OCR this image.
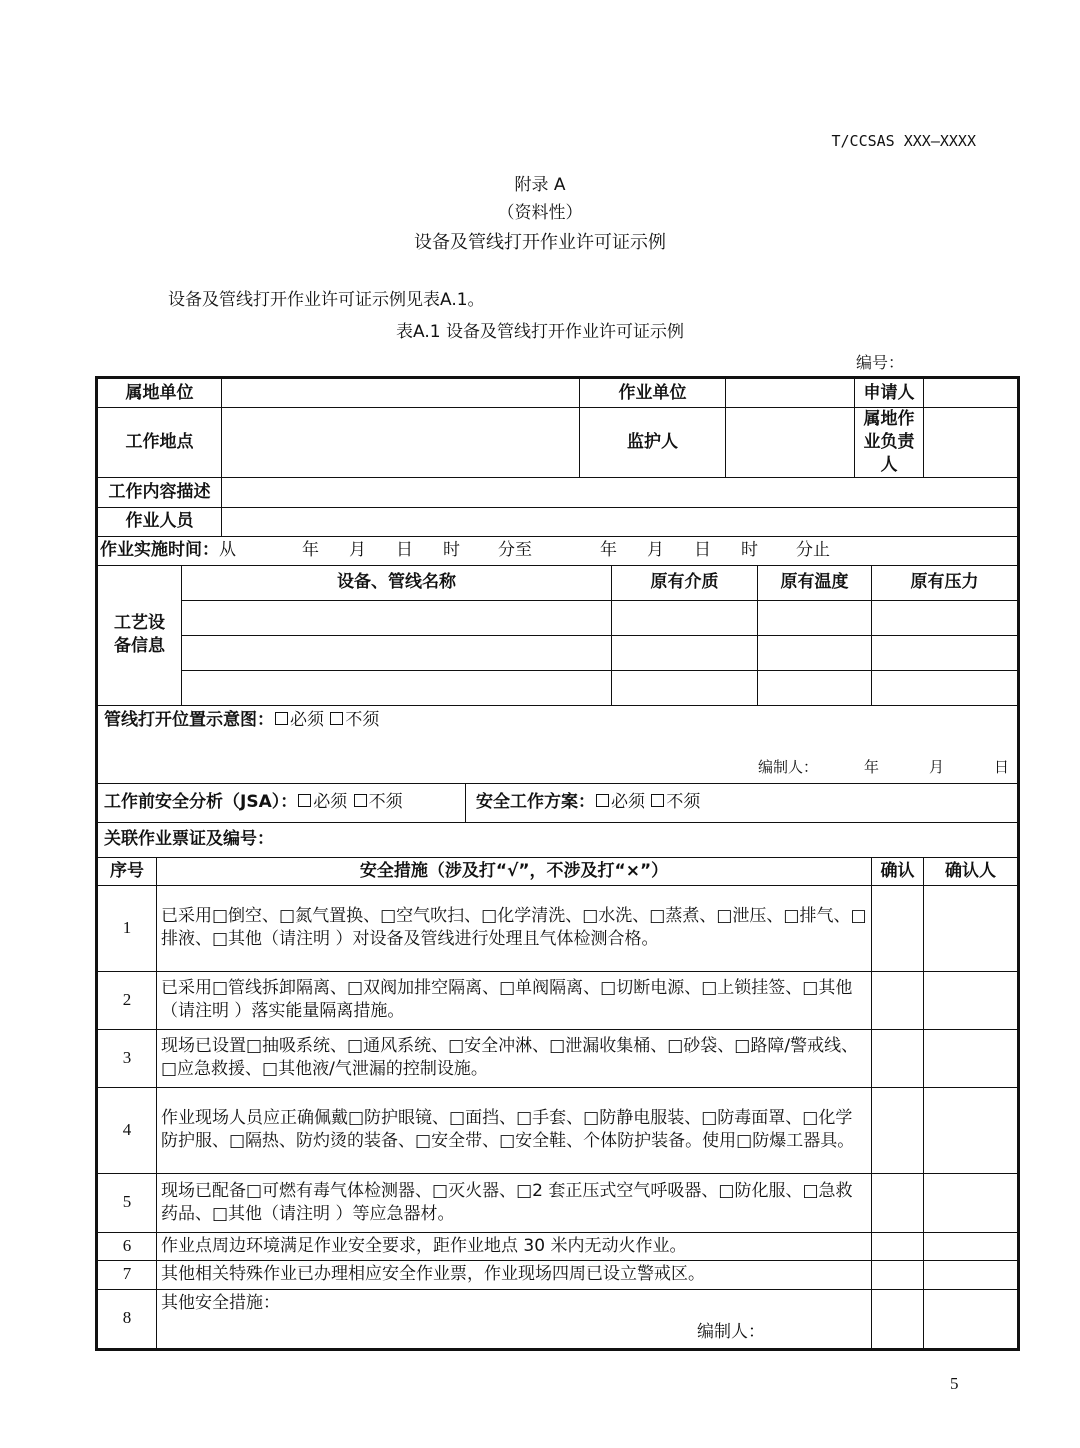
T/CCSAS XXX—XXXX
附录 A
（资料性）
设备及管线打开作业许可证示例
设备及管线打开作业许可证示例见表A.1。
表A.1 设备及管线打开作业许可证示例
编号：
属地单位					作业单位				申请人		
工作地点					监护人				属地作业负责人		
工作内容描述											
作业人员											
作业实施时间：从 年 月 日 时 分至 年 月 日 时 分止											
工艺设备信息		设备、管线名称				原有介质		原有温度		原有压力	

管线打开位置示意图： 必须 不须
编制人： 年 月 日											

工作前安全分析（JSA）： 必须 不须				安全工作方案： 必须 不须							
关联作业票证及编号：											
序号	安全措施（涉及打“√”，不涉及打“×”）									确认	确认人
1	已采用□倒空、□氮气置换、□空气吹扫、□化学清洗、□水洗、□蒸煮、□泄压、□排气、□排液、□其他（请注明 ）对设备及管线进行处理且气体检测合格。										
2	已采用□管线拆卸隔离、□双阀加排空隔离、□单阀隔离、□切断电源、□上锁挂签、□其他（请注明 ）落实能量隔离措施。										
3	现场已设置□抽吸系统、□通风系统、□安全冲淋、□泄漏收集桶、□砂袋、□路障/警戒线、□应急救援、□其他液/气泄漏的控制设施。										
4	作业现场人员应正确佩戴□防护眼镜、□面挡、□手套、□防静电服装、□防毒面罩、□化学防护服、□隔热、防灼烫的装备、□安全带、□安全鞋、个体防护装备。使用□防爆工器具。										
5	现场已配备□可燃有毒气体检测器、□灭火器、□2 套正压式空气呼吸器、□防化服、□急救药品、□其他（请注明 ）等应急器材。										
6	作业点周边环境满足作业安全要求，距作业地点 30 米内无动火作业。										
7	其他相关特殊作业已办理相应安全作业票，作业现场四周已设立警戒区。										
8	其他安全措施：
编制人：										

5
